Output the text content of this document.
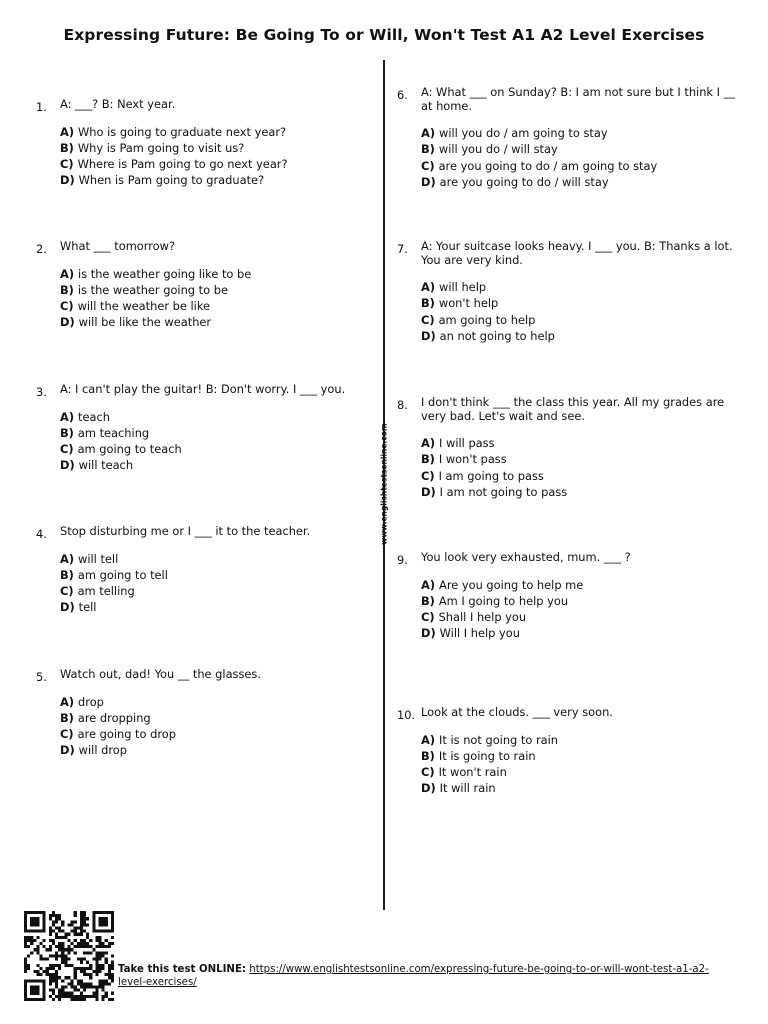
Expressing Future: Be Going To or Will, Won't Test A1 A2 Level Exercises
www.englishtestsonline.com
1. A: ___? B: Next year.
A) Who is going to graduate next year?
B) Why is Pam going to visit us?
C) Where is Pam going to go next year?
D) When is Pam going to graduate?
2. What ___ tomorrow?
A) is the weather going like to be
B) is the weather going to be
C) will the weather be like
D) will be like the weather
3. A: I can't play the guitar! B: Don't worry. I ___ you.
A) teach
B) am teaching
C) am going to teach
D) will teach
4. Stop disturbing me or I ___ it to the teacher.
A) will tell
B) am going to tell
C) am telling
D) tell
5. Watch out, dad! You __ the glasses.
A) drop
B) are dropping
C) are going to drop
D) will drop
6. A: What ___ on Sunday? B: I am not sure but I think I __ at home.
A) will you do / am going to stay
B) will you do / will stay
C) are you going to do / am going to stay
D) are you going to do / will stay
7. A: Your suitcase looks heavy. I ___ you. B: Thanks a lot. You are very kind.
A) will help
B) won't help
C) am going to help
D) an not going to help
8. I don't think ___ the class this year. All my grades are very bad. Let's wait and see.
A) I will pass
B) I won't pass
C) I am going to pass
D) I am not going to pass
9. You look very exhausted, mum. ___ ?
A) Are you going to help me
B) Am I going to help you
C) Shall I help you
D) Will I help you
10. Look at the clouds. ___ very soon.
A) It is not going to rain
B) It is going to rain
C) It won't rain
D) It will rain
Take this test ONLINE: https://www.englishtestsonline.com/expressing-future-be-going-to-or-will-wont-test-a1-a2-level-exercises/
